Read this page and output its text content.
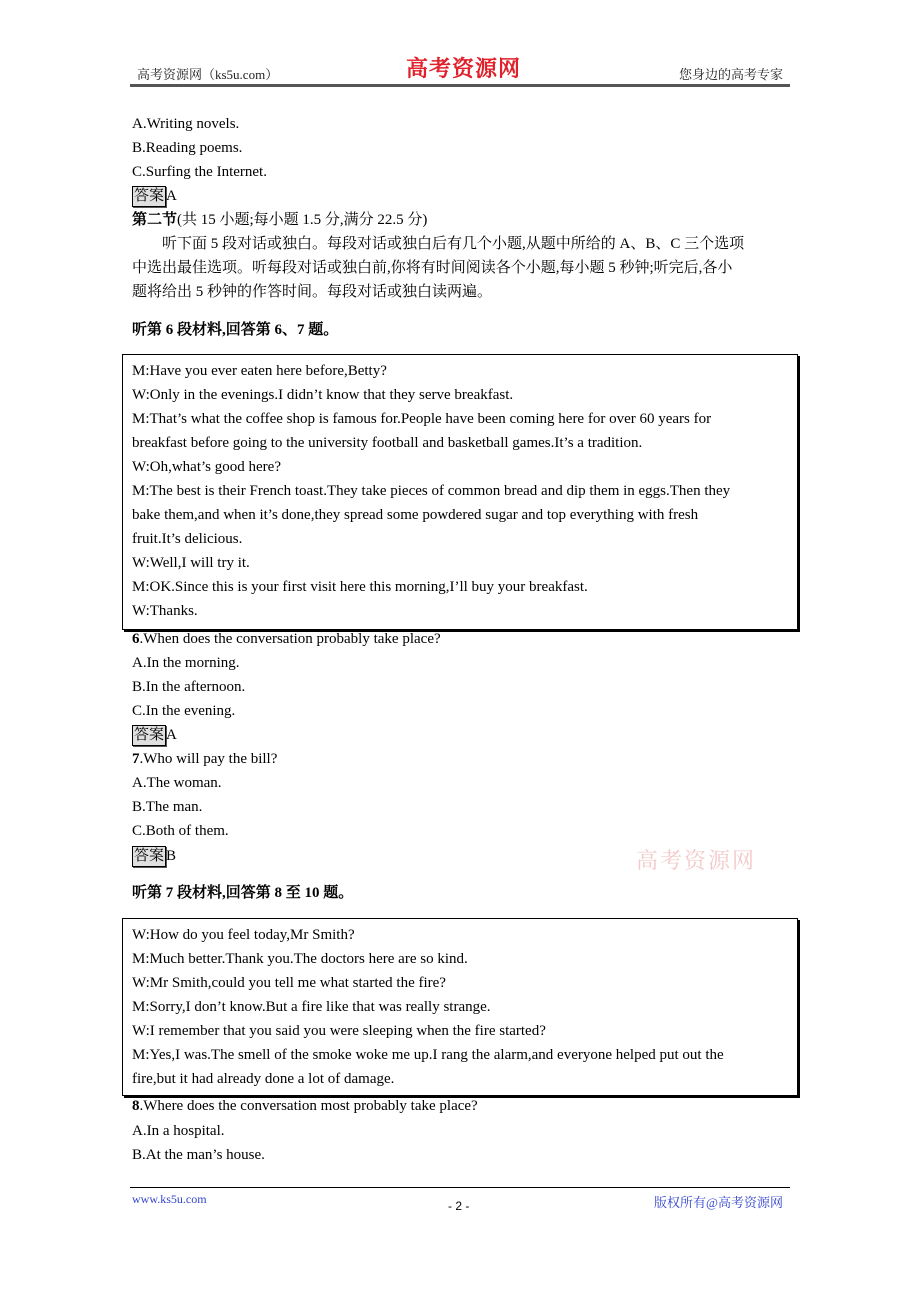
高考资源网（ks5u.com）	高考资源网	您身边的高考专家
A.Writing novels.
B.Reading poems.
C.Surfing the Internet.
答案 A
第二节(共 15 小题;每小题 1.5 分,满分 22.5 分)
　　听下面 5 段对话或独白。每段对话或独白后有几个小题,从题中所给的 A、B、C 三个选项
中选出最佳选项。听每段对话或独白前,你将有时间阅读各个小题,每小题 5 秒钟;听完后,各小
题将给出 5 秒钟的作答时间。每段对话或独白读两遍。
听第 6 段材料,回答第 6、7 题。
M:Have you ever eaten here before,Betty?
W:Only in the evenings.I didn’t know that they serve breakfast.
M:That’s what the coffee shop is famous for.People have been coming here for over 60 years for
breakfast before going to the university football and basketball games.It’s a tradition.
W:Oh,what’s good here?
M:The best is their French toast.They take pieces of common bread and dip them in eggs.Then they
bake them,and when it’s done,they spread some powdered sugar and top everything with fresh
fruit.It’s delicious.
W:Well,I will try it.
M:OK.Since this is your first visit here this morning,I’ll buy your breakfast.
W:Thanks.
6.When does the conversation probably take place?
A.In the morning.
B.In the afternoon.
C.In the evening.
答案 A
7.Who will pay the bill?
A.The woman.
B.The man.
C.Both of them.
答案 B	高考资源网
听第 7 段材料,回答第 8 至 10 题。
W:How do you feel today,Mr Smith?
M:Much better.Thank you.The doctors here are so kind.
W:Mr Smith,could you tell me what started the fire?
M:Sorry,I don’t know.But a fire like that was really strange.
W:I remember that you said you were sleeping when the fire started?
M:Yes,I was.The smell of the smoke woke me up.I rang the alarm,and everyone helped put out the
fire,but it had already done a lot of damage.
8.Where does the conversation most probably take place?
A.In a hospital.
B.At the man’s house.
www.ks5u.com	- 2 -	版权所有@高考资源网
